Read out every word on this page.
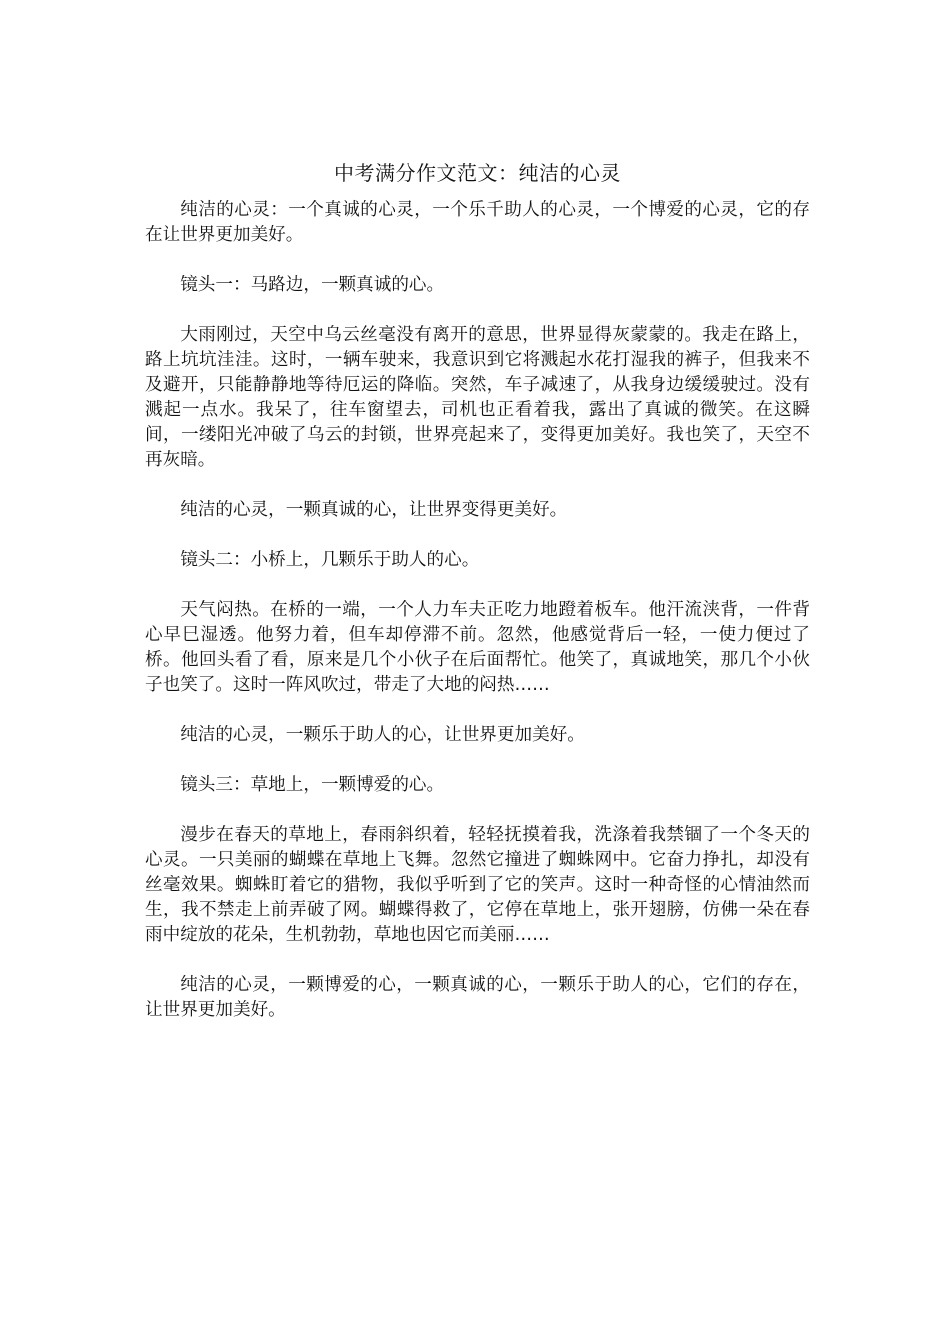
中考满分作文范文：纯洁的心灵

纯洁的心灵：一个真诚的心灵，一个乐千助人的心灵，一个博爱的心灵，它的存在让世界更加美好。

镜头一：马路边，一颗真诚的心。

大雨刚过，天空中乌云丝毫没有离开的意思，世界显得灰蒙蒙的。我走在路上，路上坑坑洼洼。这时，一辆车驶来，我意识到它将溅起水花打湿我的裤子，但我来不及避开，只能静静地等待厄运的降临。突然，车子减速了，从我身边缓缓驶过。没有溅起一点水。我呆了，往车窗望去，司机也正看着我，露出了真诚的微笑。在这瞬间，一缕阳光冲破了乌云的封锁，世界亮起来了，变得更加美好。我也笑了，天空不再灰暗。

纯洁的心灵，一颗真诚的心，让世界变得更美好。

镜头二：小桥上，几颗乐于助人的心。

天气闷热。在桥的一端，一个人力车夫正吃力地蹬着板车。他汗流浃背，一件背心早巳湿透。他努力着，但车却停滞不前。忽然，他感觉背后一轻，一使力便过了桥。他回头看了看，原来是几个小伙子在后面帮忙。他笑了，真诚地笑，那几个小伙子也笑了。这时一阵风吹过，带走了大地的闷热……

纯洁的心灵，一颗乐于助人的心，让世界更加美好。

镜头三：草地上，一颗博爱的心。

漫步在春天的草地上，春雨斜织着，轻轻抚摸着我，洗涤着我禁锢了一个冬天的心灵。一只美丽的蝴蝶在草地上飞舞。忽然它撞进了蜘蛛网中。它奋力挣扎，却没有丝毫效果。蜘蛛盯着它的猎物，我似乎听到了它的笑声。这时一种奇怪的心情油然而生，我不禁走上前弄破了网。蝴蝶得救了，它停在草地上，张开翅膀，仿佛一朵在春雨中绽放的花朵，生机勃勃，草地也因它而美丽……

纯洁的心灵，一颗博爱的心，一颗真诚的心，一颗乐于助人的心，它们的存在，让世界更加美好。
